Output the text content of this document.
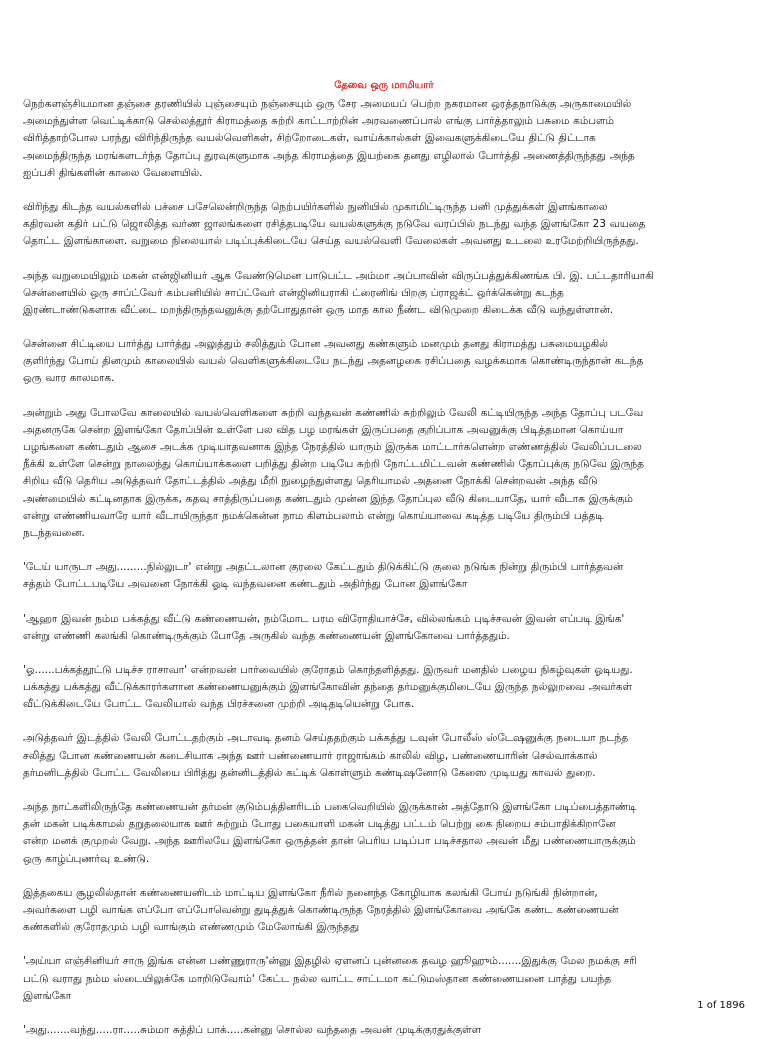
தேவை ஒரு மாமியார்
நெற்களஞ்சியமான தஞ்சை தரணியில் புஞ்சையும் நஞ்சையும் ஒரு சேர அமையப் பெற்ற நகரமான ஒரத்தநாடுக்கு அருகாமையில்
அமைந்துள்ள வெட்டிக்காடு செல்லத்தூர் கிராமத்தை சுற்றி காட்டாற்றின் அரவணைப்பால் எங்கு பார்த்தாலும் பசுமை கம்பளம்
விரித்தாற்போல பரந்து விரிந்திருந்த வயல்வெளிகள், சிற்றோடைகள், வாய்க்கால்கள் இவைகளுக்கிடையே திட்டு திட்டாக
அமைந்திருந்த மரங்களடர்ந்த தோப்பு துரவுகளுமாக அந்த கிராமத்தை இயற்கை தனது எழிலால் போர்த்தி அணைத்திருந்தது அந்த
ஐப்பசி திங்களின் காலை வேளையில்.
விரிந்து கிடந்த வயல்களில் பச்சை பசேலென்றிருந்த நெற்பயிர்களில் நுனியில் முகாமிட்டிருந்த பனி முத்துக்கள் இளங்காலை
கதிரவன் கதிர் பட்டு ஜொலித்த வர்ண ஜாலங்களை ரசித்தபடியே வயல்களுக்கு நடுவே வரப்பில் நடந்து வந்த இளங்கோ 23 வயதை
தொட்ட இளங்காளை. வறுமை நிலையால் படிப்புக்கிடையே செய்த வயல்வெளி வேலைகள் அவனது உடலை உரமேற்றியிருந்தது.
அந்த வறுமையிலும் மகன் என்ஜினியர் ஆக வேண்டுமென பாடுபட்ட அம்மா அப்பாவின் விருப்பத்துக்கிணங்க பி. இ. பட்டதாரியாகி
சென்னையில் ஒரு சாப்ட்வேர் கம்பனியில் சாப்ட்வேர் என்ஜினியராகி ட்ரைனிங் பிறகு ப்ராஜக்ட் ஒர்க்கென்று கடந்த
இரண்டாண்டுகளாக வீட்டை மறந்திருந்தவனுக்கு தற்போதுதான் ஒரு மாத கால நீண்ட விடுமுறை கிடைக்க வீடு வந்துள்ளான்.
சென்னை சிட்டியை பார்த்து பார்த்து அலுத்தும் சலித்தும் போன அவனது கண்களும் மனமும் தனது கிராமத்து பசுமையழகில்
குளிர்ந்து போய் தினமும் காலையில் வயல் வெளிகளுக்கிடையே நடந்து அதனழகை ரசிப்பதை வழக்கமாக கொண்டிருந்தான் கடந்த
ஒரு வார காலமாக.
அன்றும் அது போலவே காலையில் வயல்வெளிகளை சுற்றி வந்தவன் கண்ணில் சுற்றிலும் வேலி கட்டியிருந்த அந்த தோப்பு படவே
அதனருகே சென்ற இளங்கோ தோப்பின் உள்ளே பல வித பழ மரங்கள் இருப்பதை குறிப்பாக அவனுக்கு பிடித்தமான கொய்யா
பழங்களை கண்டதும் ஆசை அடக்க முடியாதவனாக இந்த நேரத்தில் யாரும் இருக்க மாட்டார்களென்ற எண்ணத்தில் வேலிப்படலை
நீக்கி உள்ளே சென்று நாலைந்து கொய்யாக்களை பறித்து தின்ற படியே சுற்றி நோட்டமிட்டவன் கண்ணில் தோப்புக்கு நடுவே இருந்த
சிறிய வீடு தெரிய அடுத்தவர் தோட்டத்தில் அத்து மீறி நுழைந்துள்ளது தெரியாமல் அதனை நோக்கி சென்றவன் அந்த வீடு
அண்மையில் கட்டினதாக இருக்க, கதவு சாத்திருப்பதை கண்டதும் முன்ன இந்த தோப்புல வீடு கிடையாதே, யார் வீடாக இருக்கும்
என்று எண்ணியவாரே யார் வீடாயிருந்தா நமக்கென்ன நாம கிளம்பலாம் என்று கொய்யாவை கடித்த படியே திரும்பி பத்தடி
நடந்தவனை.
'டேய் யாருடா அது.........நில்லுடா' என்று அதட்டலான குரலை கேட்டதும் திடுக்கிட்டு குலை நடுங்க நின்று திரும்பி பார்த்தவன்
சத்தம் போட்டபடியே அவனை நோக்கி ஓடி வந்தவனை கண்டதும் அதிர்ந்து போன இளங்கோ
'ஆஹா இவன் நம்ம பக்கத்து வீட்டு கண்ணையன், நம்மோட பரம விரோதியாச்சே, வில்லங்கம் புடிச்சவன் இவன் எப்படி இங்க'
என்று எண்ணி கலங்கி கொண்டிருக்கும் போதே அருகில் வந்த கண்ணையன் இளங்கோவை பார்த்ததும்.
'ஓ......பக்கத்தூட்டு படிச்ச ராசாவா' என்றவன் பார்வையில் குரோதம் கொந்தளித்தது. இருவர் மனதில் பழைய நிகழ்வுகள் ஓடியது.
பக்கத்து பக்கத்து வீட்டுக்காரர்களான கண்ணையனுக்கும் இளங்கோவின் தந்தை தர்மனுக்குமிடையே இருந்த நல்லுறவை அவர்கள்
வீட்டுக்கிடையே போட்ட வேலியால் வந்த பிரச்சனை முற்றி அடிதடியென்று போக.
அடுத்தவர் இடத்தில் வேலி போட்டதற்கும் அடாவடி தனம் செய்ததற்கும் பக்கத்து டவுன் போலீஸ் ஸ்டேஷனுக்கு நடையா நடந்த
சலித்து போன கண்ணையன் கடைசியாக அந்த ஊர் பண்ணையார் ராஜாங்கம் காலில் விழ, பண்ணையாரின் செல்வாக்கால்
தர்மனிடத்தில் போட்ட வேலியை பிரித்து தன்னிடத்தில் கட்டிக் கொள்ளும் கண்டிஷனோடு கேஸை முடியது காவல் துறை.
அந்த நாட்களிலிருந்தே கண்ணையன் தர்மன் குடும்பத்தினரிடம் பகைவெறியில் இருக்கான் அத்தோடு இளங்கோ படிப்பைத்தாண்டி
தன் மகன் படிக்காமல் தறுதலையாக ஊர் சுற்றும் போது பகையாளி மகன் படித்து பட்டம் பெற்று கை நிறைய சம்பாதிக்கிறானே
என்ற மனக் குமுறல் வேறு. அந்த ஊரிலயே இளங்கோ ஒருத்தன் தான் பெரிய படிப்பா படிச்சதால அவன் மீது பண்ணையாருக்கும்
ஒரு காழ்ப்புணர்வு உண்டு.
இத்தகைய சூழலில்தான் கண்ணையனிடம் மாட்டிய இளங்கோ நீரில் நனைந்த கோழியாக கலங்கி போய் நடுங்கி நின்றான்,
அவர்களை பழி வாங்க எப்போ எப்போவென்று துடித்துக் கொண்டிருந்த நேரத்தில் இளங்கோவை அங்கே கண்ட கண்ணையன்
கண்களில் குரோதமும் பழி வாங்கும் எண்ணமும் மேலோங்கி இருந்தது
'அய்யா எஞ்சினியர் சாரு இங்க என்ன பண்ணுராரு'ன்னு இதழில் ஏளனப் புன்னகை தவழ ஹூஹும்.......இதுக்கு மேல நமக்கு சரி
பட்டு வராது நம்ம ஸ்டையிலுக்கே மாறிடுவோம்' கேட்ட நல்ல வாட்ட சாட்டமா கட்டுமஸ்தான கண்ணையனை பாத்து பயந்த
இளங்கோ
'அது.......வந்து.....ரா.....சும்மா சுத்திப் பாக்.....கன்னு சொல்ல வந்ததை அவன் முடிக்குரதுக்குள்ள
1 of 1896
